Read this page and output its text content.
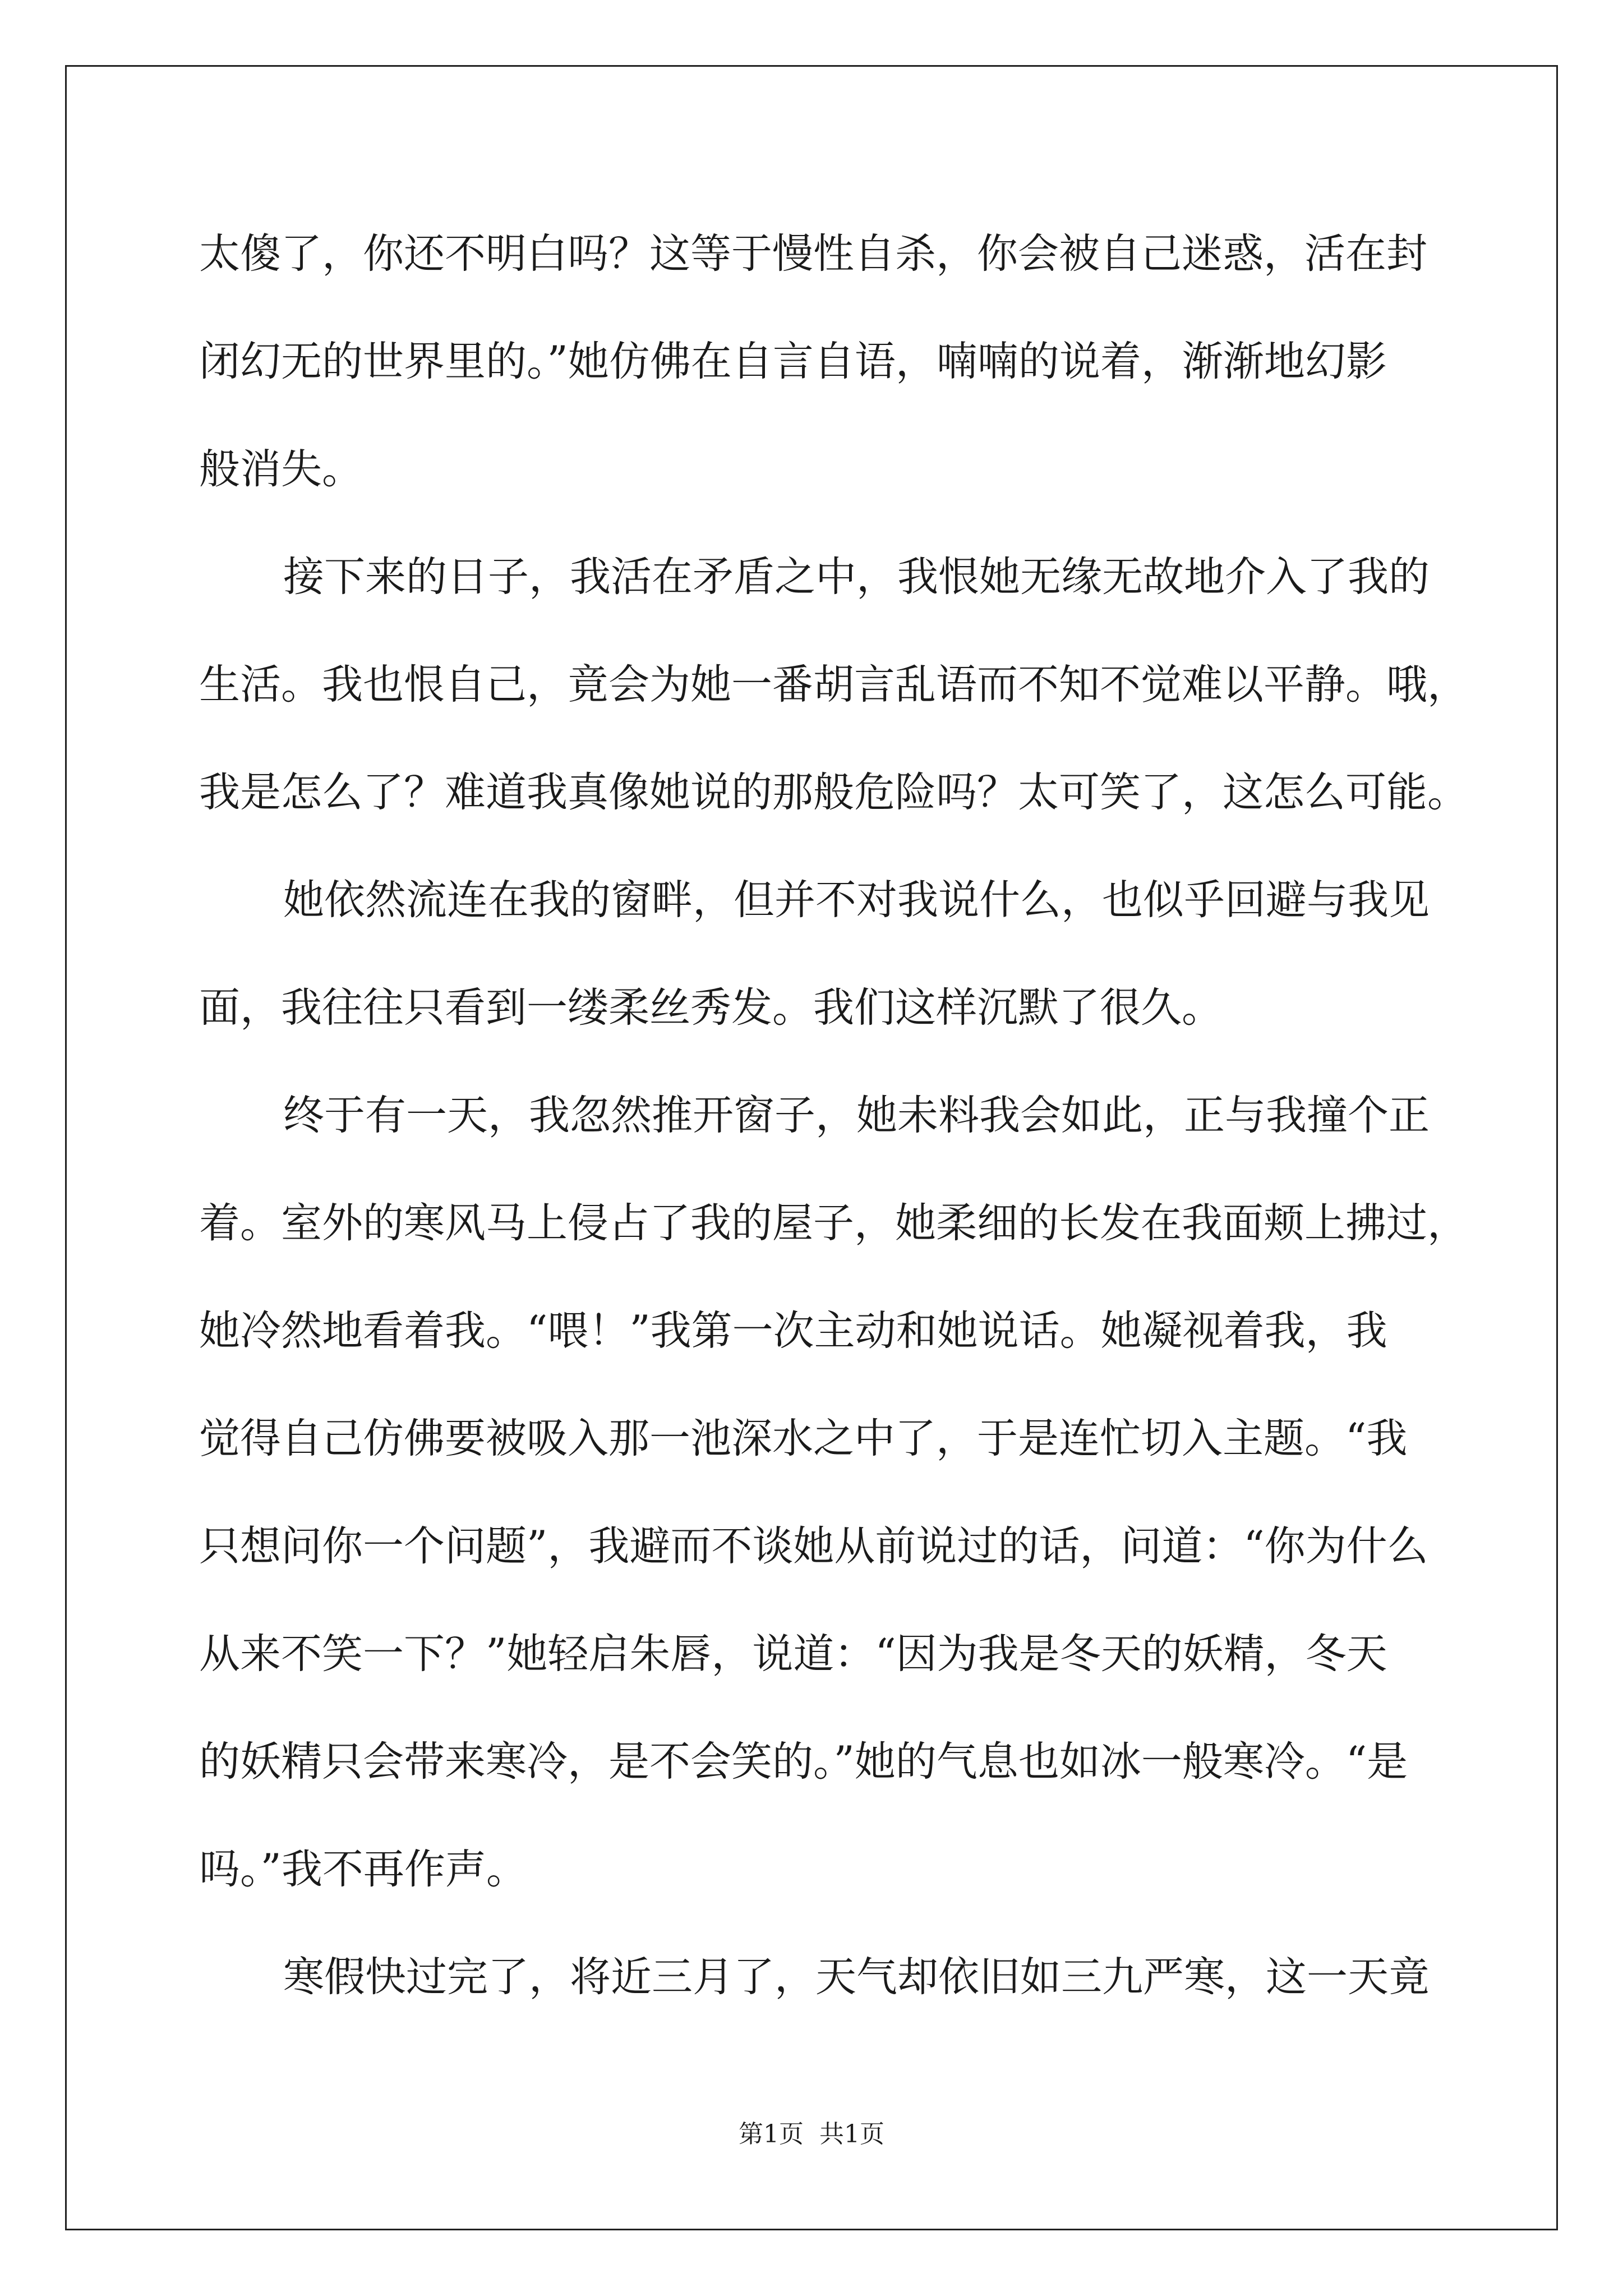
太傻了，你还不明白吗？这等于慢性自杀，你会被自己迷惑，活在封
闭幻无的世界里的。”她仿佛在自言自语，喃喃的说着，渐渐地幻影
般消失。
接下来的日子，我活在矛盾之中，我恨她无缘无故地介入了我的
生活。我也恨自己，竟会为她一番胡言乱语而不知不觉难以平静。哦，
我是怎么了？难道我真像她说的那般危险吗？太可笑了，这怎么可能。
她依然流连在我的窗畔，但并不对我说什么，也似乎回避与我见
面，我往往只看到一缕柔丝秀发。我们这样沉默了很久。
终于有一天，我忽然推开窗子，她未料我会如此，正与我撞个正
着。室外的寒风马上侵占了我的屋子，她柔细的长发在我面颊上拂过，
她冷然地看着我。“喂！”我第一次主动和她说话。她凝视着我，我
觉得自己仿佛要被吸入那一池深水之中了，于是连忙切入主题。“我
只想问你一个问题”，我避而不谈她从前说过的话，问道：“你为什么
从来不笑一下？”她轻启朱唇，说道：“因为我是冬天的妖精，冬天
的妖精只会带来寒冷，是不会笑的。”她的气息也如冰一般寒冷。“是
吗。”我不再作声。
寒假快过完了，将近三月了，天气却依旧如三九严寒，这一天竟
第1页 共1页
